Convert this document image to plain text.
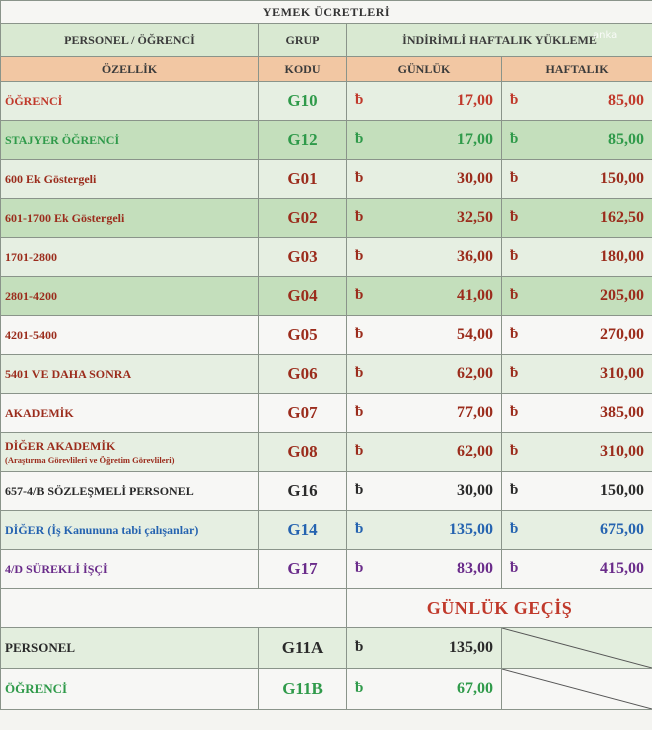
YEMEK ÜCRETLERİ			
PERSONEL / ÖĞRENCİ	GRUP	İNDİRİMLİ HAFTALIK YÜKLEME	
ÖZELLİK	KODU	GÜNLÜK	HAFTALIK
ÖĞRENCİ	G10	ƀ 17,00	ƀ 85,00
STAJYER ÖĞRENCİ	G12	ƀ 17,00	ƀ 85,00
600 Ek Göstergeli	G01	ƀ 30,00	ƀ 150,00
601-1700 Ek Göstergeli	G02	ƀ 32,50	ƀ 162,50
1701-2800	G03	ƀ 36,00	ƀ 180,00
2801-4200	G04	ƀ 41,00	ƀ 205,00
4201-5400	G05	ƀ 54,00	ƀ 270,00
5401 VE DAHA SONRA	G06	ƀ 62,00	ƀ 310,00
AKADEMİK	G07	ƀ 77,00	ƀ 385,00
DİĞER AKADEMİK
(Araştırma Görevlileri ve Öğretim Görevlileri)	G08	ƀ 62,00	ƀ 310,00
657-4/B SÖZLEŞMELİ PERSONEL	G16	ƀ 30,00	ƀ 150,00
DİĞER (İş Kanununa tabi çalışanlar)	G14	ƀ 135,00	ƀ 675,00
4/D SÜREKLİ İŞÇİ	G17	ƀ 83,00	ƀ 415,00
		GÜNLÜK GEÇİŞ	
PERSONEL	G11A	ƀ 135,00	

ÖĞRENCİ	G11B	ƀ 67,00	
anka
